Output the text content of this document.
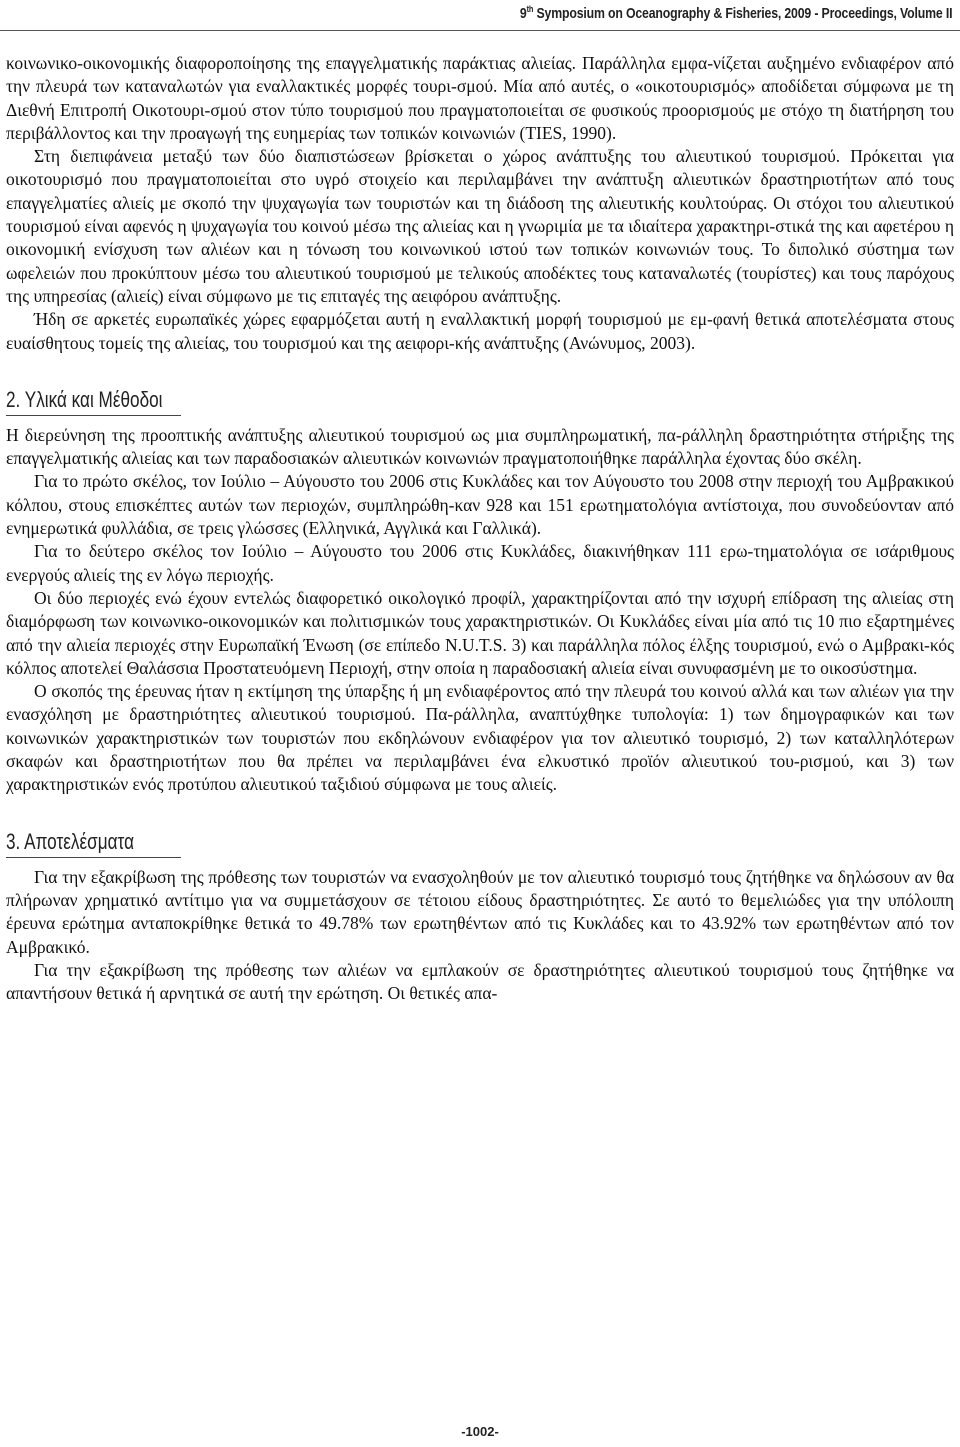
9th Symposium on Oceanography & Fisheries, 2009 - Proceedings, Volume II

κοινωνικο-οικονομικής διαφοροποίησης της επαγγελματικής παράκτιας αλιείας. Παράλληλα εμφα-νίζεται αυξημένο ενδιαφέρον από την πλευρά των καταναλωτών για εναλλακτικές μορφές τουρι-σμού. Μία από αυτές, ο «οικοτουρισμός» αποδίδεται σύμφωνα με τη Διεθνή Επιτροπή Οικοτουρι-σμού στον τύπο τουρισμού που πραγματοποιείται σε φυσικούς προορισμούς με στόχο τη διατήρηση του περιβάλλοντος και την προαγωγή της ευημερίας των τοπικών κοινωνιών (TIES, 1990).

Στη διεπιφάνεια μεταξύ των δύο διαπιστώσεων βρίσκεται ο χώρος ανάπτυξης του αλιευτικού τουρισμού. Πρόκειται για οικοτουρισμό που πραγματοποιείται στο υγρό στοιχείο και περιλαμβάνει την ανάπτυξη αλιευτικών δραστηριοτήτων από τους επαγγελματίες αλιείς με σκοπό την ψυχαγωγία των τουριστών και τη διάδοση της αλιευτικής κουλτούρας. Οι στόχοι του αλιευτικού τουρισμού είναι αφενός η ψυχαγωγία του κοινού μέσω της αλιείας και η γνωριμία με τα ιδιαίτερα χαρακτηρι-στικά της και αφετέρου η οικονομική ενίσχυση των αλιέων και η τόνωση του κοινωνικού ιστού των τοπικών κοινωνιών τους. Το διπολικό σύστημα των ωφελειών που προκύπτουν μέσω του αλιευτικού τουρισμού με τελικούς αποδέκτες τους καταναλωτές (τουρίστες) και τους παρόχους της υπηρεσίας (αλιείς) είναι σύμφωνο με τις επιταγές της αειφόρου ανάπτυξης.

Ήδη σε αρκετές ευρωπαϊκές χώρες εφαρμόζεται αυτή η εναλλακτική μορφή τουρισμού με εμ-φανή θετικά αποτελέσματα στους ευαίσθητους τομείς της αλιείας, του τουρισμού και της αειφορι-κής ανάπτυξης (Ανώνυμος, 2003).

2. Υλικά και Μέθοδοι

Η διερεύνηση της προοπτικής ανάπτυξης αλιευτικού τουρισμού ως μια συμπληρωματική, πα-ράλληλη δραστηριότητα στήριξης της επαγγελματικής αλιείας και των παραδοσιακών αλιευτικών κοινωνιών πραγματοποιήθηκε παράλληλα έχοντας δύο σκέλη.

Για το πρώτο σκέλος, τον Ιούλιο – Αύγουστο του 2006 στις Κυκλάδες και τον Αύγουστο του 2008 στην περιοχή του Αμβρακικού κόλπου, στους επισκέπτες αυτών των περιοχών, συμπληρώθη-καν 928 και 151 ερωτηματολόγια αντίστοιχα, που συνοδεύονταν από ενημερωτικά φυλλάδια, σε τρεις γλώσσες (Ελληνικά, Αγγλικά και Γαλλικά).

Για το δεύτερο σκέλος τον Ιούλιο – Αύγουστο του 2006 στις Κυκλάδες, διακινήθηκαν 111 ερω-τηματολόγια σε ισάριθμους ενεργούς αλιείς της εν λόγω περιοχής.

Οι δύο περιοχές ενώ έχουν εντελώς διαφορετικό οικολογικό προφίλ, χαρακτηρίζονται από την ισχυρή επίδραση της αλιείας στη διαμόρφωση των κοινωνικο-οικονομικών και πολιτισμικών τους χαρακτηριστικών. Οι Κυκλάδες είναι μία από τις 10 πιο εξαρτημένες από την αλιεία περιοχές στην Ευρωπαϊκή Ένωση (σε επίπεδο N.U.T.S. 3) και παράλληλα πόλος έλξης τουρισμού, ενώ ο Αμβρακι-κός κόλπος αποτελεί Θαλάσσια Προστατευόμενη Περιοχή, στην οποία η παραδοσιακή αλιεία είναι συνυφασμένη με το οικοσύστημα.

Ο σκοπός της έρευνας ήταν η εκτίμηση της ύπαρξης ή μη ενδιαφέροντος από την πλευρά του κοινού αλλά και των αλιέων για την ενασχόληση με δραστηριότητες αλιευτικού τουρισμού. Πα-ράλληλα, αναπτύχθηκε τυπολογία: 1) των δημογραφικών και των κοινωνικών χαρακτηριστικών των τουριστών που εκδηλώνουν ενδιαφέρον για τον αλιευτικό τουρισμό, 2) των καταλληλότερων σκαφών και δραστηριοτήτων που θα πρέπει να περιλαμβάνει ένα ελκυστικό προϊόν αλιευτικού του-ρισμού, και 3) των χαρακτηριστικών ενός προτύπου αλιευτικού ταξιδιού σύμφωνα με τους αλιείς.

3. Αποτελέσματα

Για την εξακρίβωση της πρόθεσης των τουριστών να ενασχοληθούν με τον αλιευτικό τουρισμό τους ζητήθηκε να δηλώσουν αν θα πλήρωναν χρηματικό αντίτιμο για να συμμετάσχουν σε τέτοιου είδους δραστηριότητες. Σε αυτό το θεμελιώδες για την υπόλοιπη έρευνα ερώτημα ανταποκρίθηκε θετικά το 49.78% των ερωτηθέντων από τις Κυκλάδες και το 43.92% των ερωτηθέντων από τον Αμβρακικό.

Για την εξακρίβωση της πρόθεσης των αλιέων να εμπλακούν σε δραστηριότητες αλιευτικού τουρισμού τους ζητήθηκε να απαντήσουν θετικά ή αρνητικά σε αυτή την ερώτηση. Οι θετικές απα-

-1002-
